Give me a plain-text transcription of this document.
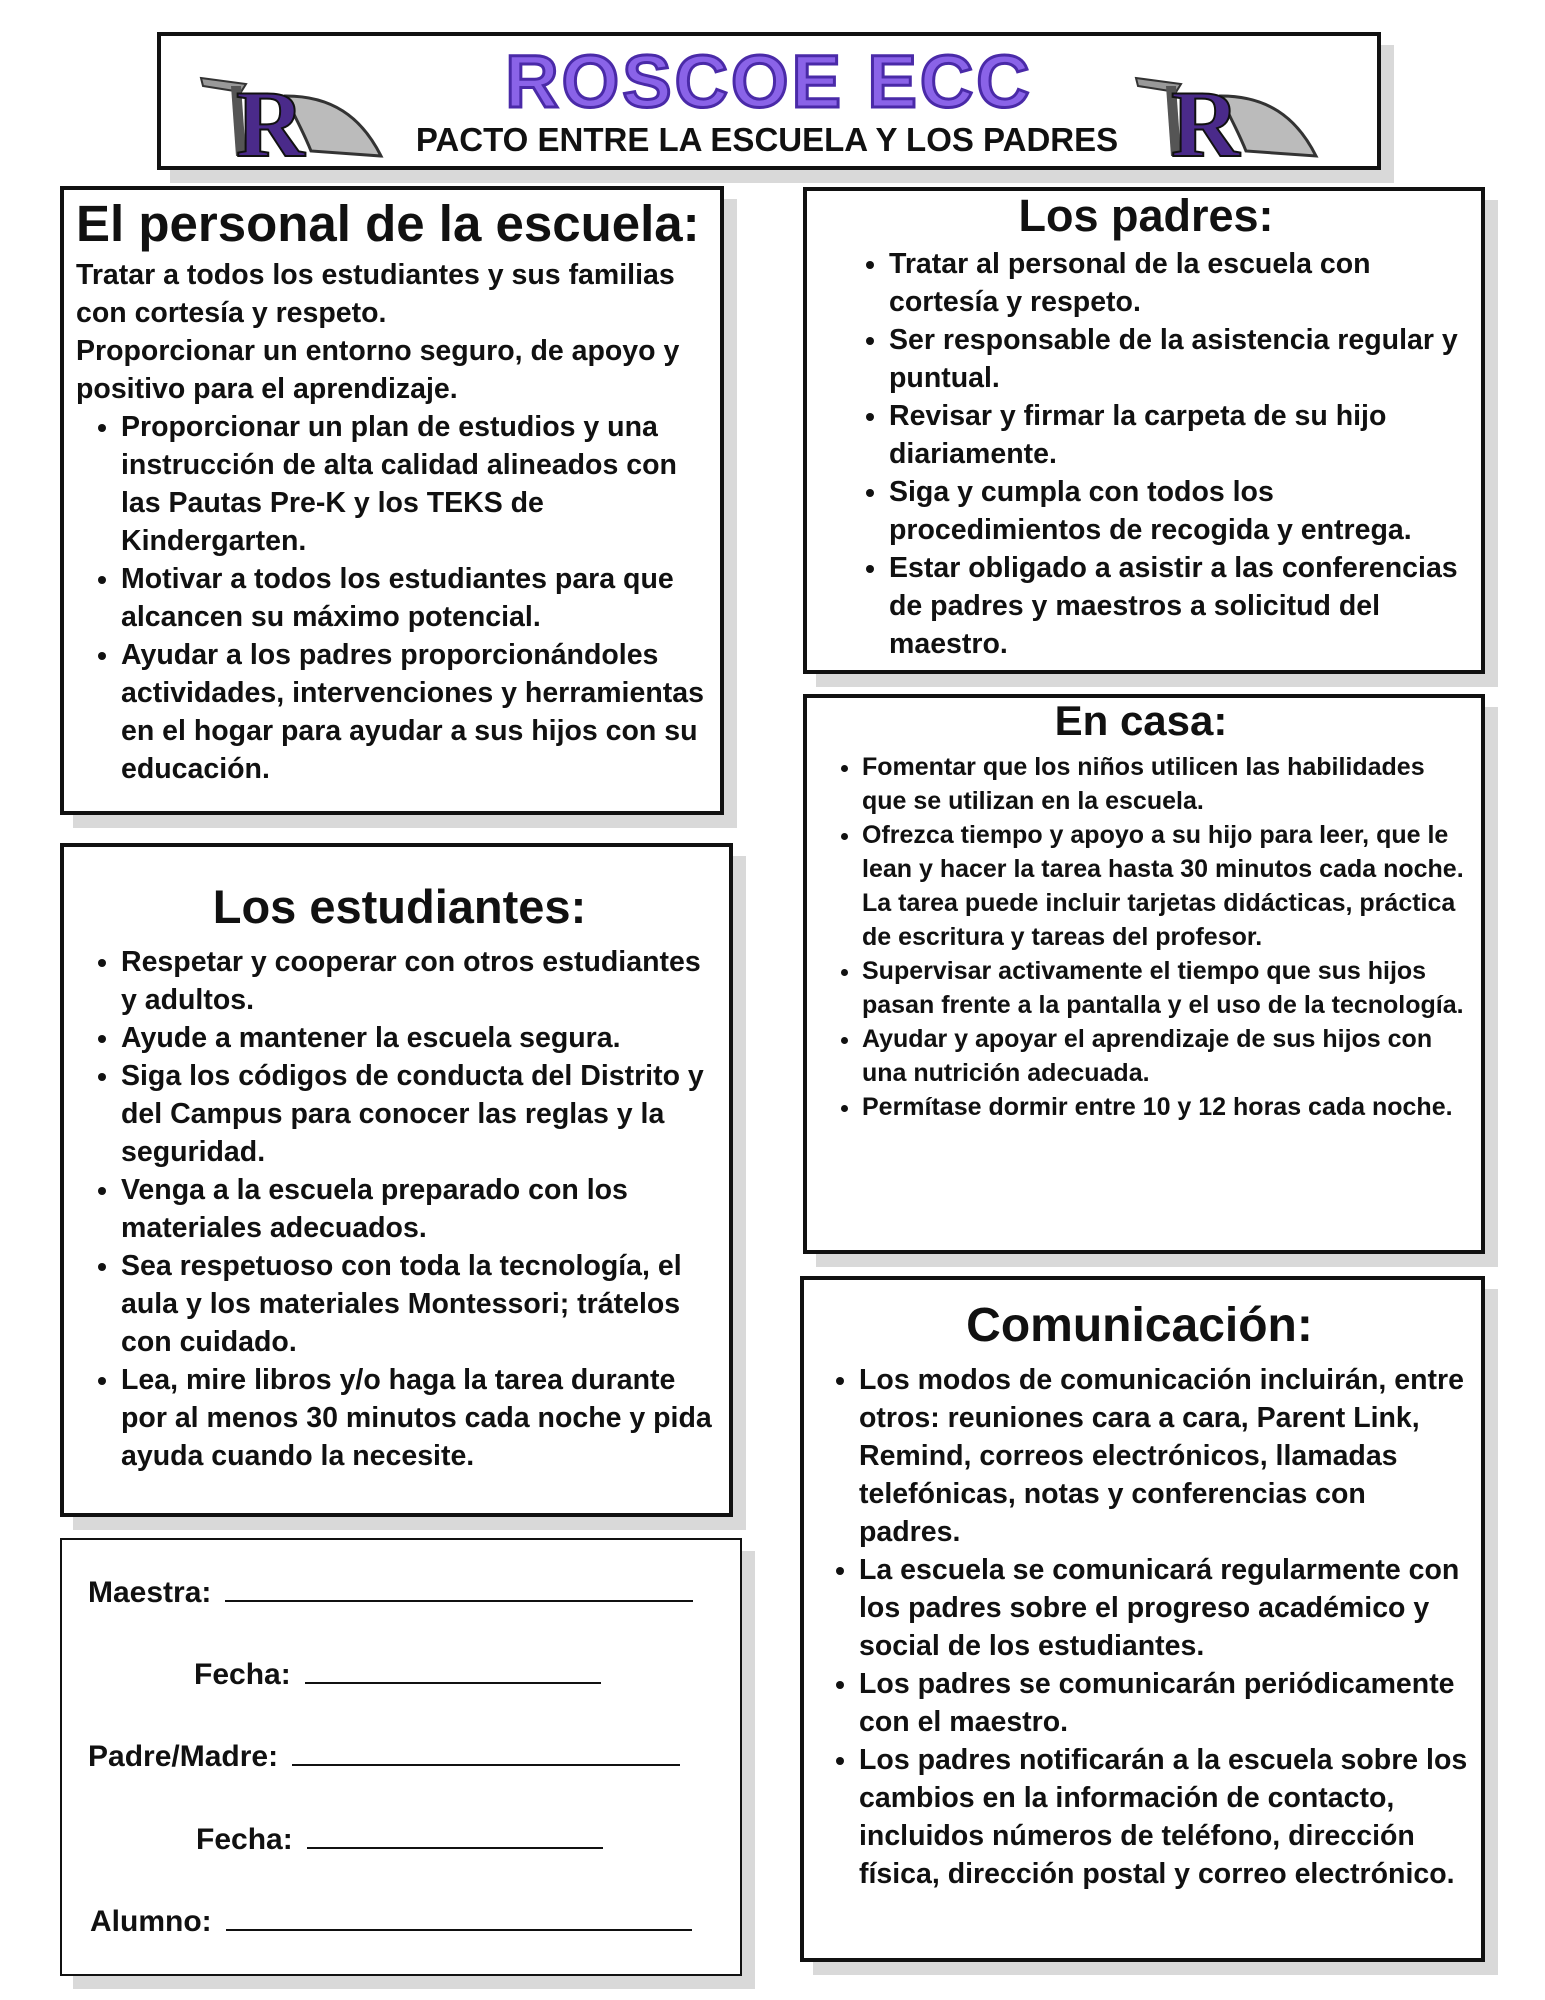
R	ROSCOE ECC
PACTO ENTRE LA ESCUELA Y LOS PADRES R
El personal de la escuela:

Tratar a todos los estudiantes y sus familias con cortesía y respeto.

Proporcionar un entorno seguro, de apoyo y positivo para el aprendizaje.

• Proporcionar un plan de estudios y una instrucción de alta calidad alineados con las Pautas Pre-K y los TEKS de Kindergarten.
• Motivar a todos los estudiantes para que alcancen su máximo potencial.
• Ayudar a los padres proporcionándoles actividades, intervenciones y herramientas en el hogar para ayudar a sus hijos con su educación.
Los estudiantes:
• Respetar y cooperar con otros estudiantes y adultos.
• Ayude a mantener la escuela segura.
• Siga los códigos de conducta del Distrito y del Campus para conocer las reglas y la seguridad.
• Venga a la escuela preparado con los materiales adecuados.
• Sea respetuoso con toda la tecnología, el aula y los materiales Montessori; trátelos con cuidado.
• Lea, mire libros y/o haga la tarea durante por al menos 30 minutos cada noche y pida ayuda cuando la necesite.
Maestra:
Fecha:
Padre/Madre:
Fecha:
Alumno:
Los padres:
• Tratar al personal de la escuela con cortesía y respeto.
• Ser responsable de la asistencia regular y puntual.
• Revisar y firmar la carpeta de su hijo diariamente.
• Siga y cumpla con todos los procedimientos de recogida y entrega.
• Estar obligado a asistir a las conferencias de padres y maestros a solicitud del maestro.
En casa:
• Fomentar que los niños utilicen las habilidades que se utilizan en la escuela.
• Ofrezca tiempo y apoyo a su hijo para leer, que le lean y hacer la tarea hasta 30 minutos cada noche. La tarea puede incluir tarjetas didácticas, práctica de escritura y tareas del profesor.
• Supervisar activamente el tiempo que sus hijos pasan frente a la pantalla y el uso de la tecnología.
• Ayudar y apoyar el aprendizaje de sus hijos con una nutrición adecuada.
• Permítase dormir entre 10 y 12 horas cada noche.
Comunicación:
• Los modos de comunicación incluirán, entre otros: reuniones cara a cara, Parent Link, Remind, correos electrónicos, llamadas telefónicas, notas y conferencias con padres.
• La escuela se comunicará regularmente con los padres sobre el progreso académico y social de los estudiantes.
• Los padres se comunicarán periódicamente con el maestro.
• Los padres notificarán a la escuela sobre los cambios en la información de contacto, incluidos números de teléfono, dirección física, dirección postal y correo electrónico.
